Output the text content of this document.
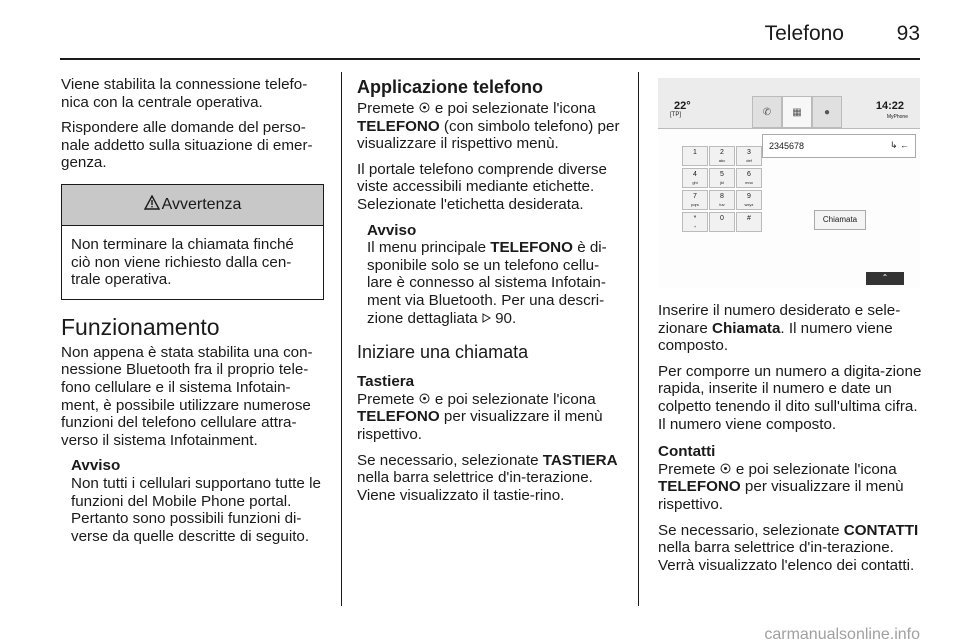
Telefono	93

Viene stabilita la connessione telefo-nica con la centrale operativa.

Rispondere alle domande del perso-nale addetto sulla situazione di emer-genza.

Avvertenza
Non terminare la chiamata finché ciò non viene richiesto dalla cen-trale operativa.
Funzionamento

Non appena è stata stabilita una con-nessione Bluetooth fra il proprio tele-fono cellulare e il sistema Infotain-ment, è possibile utilizzare numerose funzioni del telefono cellulare attra-verso il sistema Infotainment.

Avviso
Non tutti i cellulari supportano tutte le funzioni del Mobile Phone portal. Pertanto sono possibili funzioni di-verse da quelle descritte di seguito.
Applicazione telefono

Premete e poi selezionate l'icona TELEFONO (con simbolo telefono) per visualizzare il rispettivo menù.

Il portale telefono comprende diverse viste accessibili mediante etichette. Selezionate l'etichetta desiderata.

Avviso
Il menu principale TELEFONO è di-sponibile solo se un telefono cellu-lare è connesso al sistema Infotain-ment via Bluetooth. Per una descri-zione dettagliata 90.
Iniziare una chiamata
Tastiera

Premete e poi selezionate l'icona TELEFONO per visualizzare il menù rispettivo.

Se necessario, selezionate TASTIERA nella barra selettrice d'in-terazione. Viene visualizzato il tastie-rino.

22°
[TP]	✆	▦	●	14:22
MyPhone
2345678	↳ ←
Chiamata
⌃
1	2
abc
3
def
4
ghi
5
jkl
6
mno
7
pqrs
8
tuv
9
wxyz
*
+
0	#

Inserire il numero desiderato e sele-zionare Chiamata. Il numero viene composto.

Per comporre un numero a digita-zione rapida, inserite il numero e date un colpetto tenendo il dito sull'ultima cifra. Il numero viene composto.

Contatti

Premete e poi selezionate l'icona TELEFONO per visualizzare il menù rispettivo.

Se necessario, selezionate CONTATTI nella barra selettrice d'in-terazione. Verrà visualizzato l'elenco dei contatti.

carmanualsonline.info
